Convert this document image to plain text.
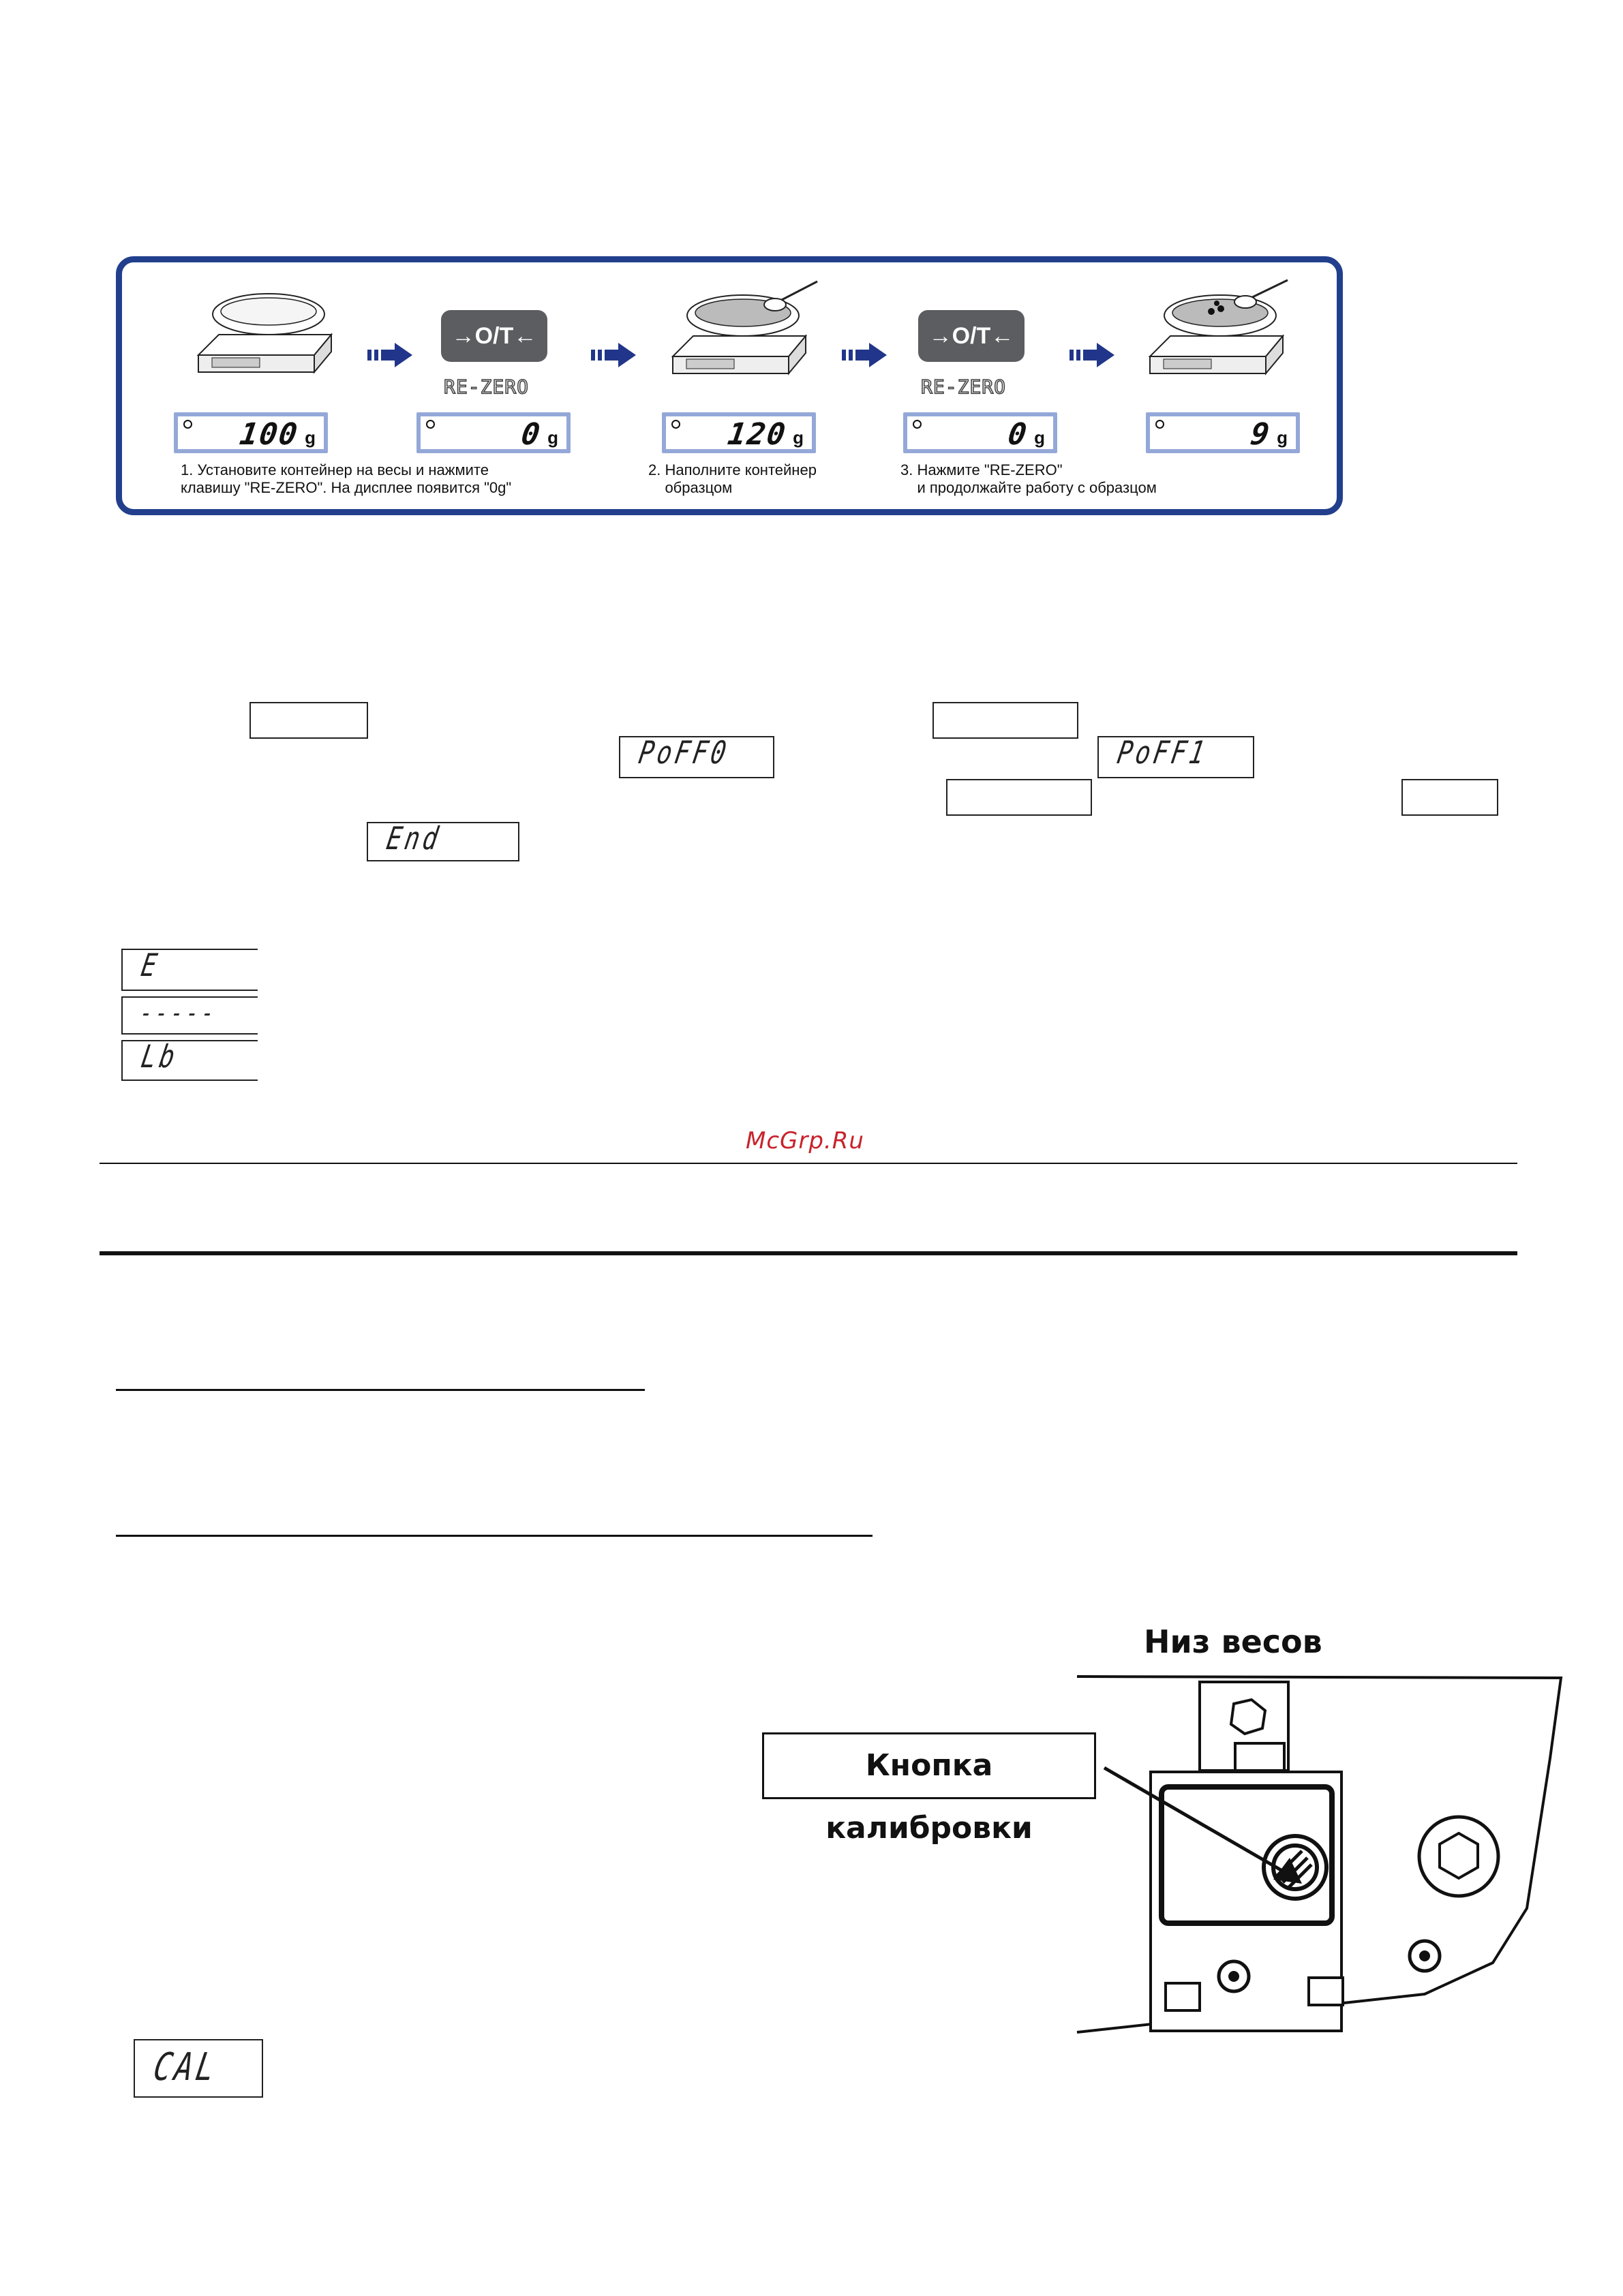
→O/T←
RE-ZERO
→O/T←
RE-ZERO
100 g	0 g	120 g	0 g	9 g
1. Установите контейнер на весы и нажмите
клавишу "RE-ZERO". На дисплее появится "0g"
2. Наполните контейнер
образцом
3. Нажмите "RE-ZERO"
и продолжайте работу с образцом
PoFF0	PoFF1
End
E
-----
Lb
McGrp.Ru
Низ весов
Кнопка калибровки
CAL
